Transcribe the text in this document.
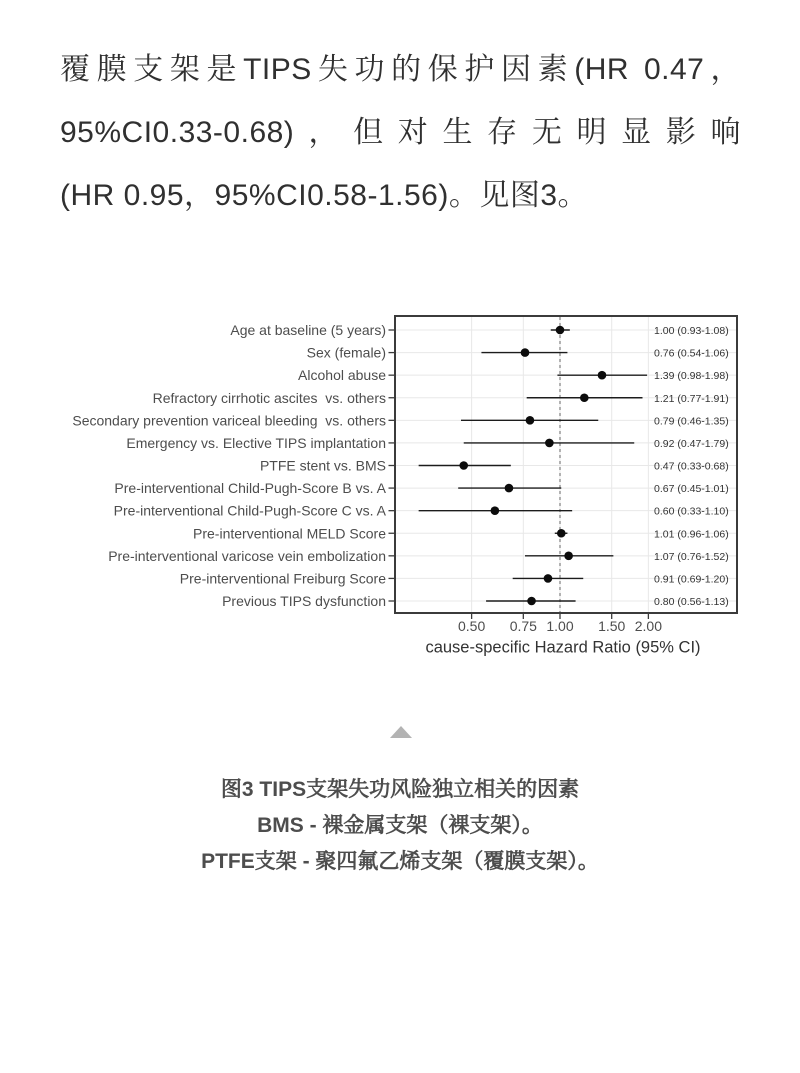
覆膜支架是TIPS失功的保护因素(HR 0.47，
95%CI0.33-0.68)，但对生存无明显影响
(HR 0.95，95%CI0.58-1.56)。见图3。
Age at baseline (5 years)
Sex (female)
Alcohol abuse
Refractory cirrhotic ascites  vs. others
Secondary prevention variceal bleeding  vs. others
Emergency vs. Elective TIPS implantation
PTFE stent vs. BMS
Pre-interventional Child-Pugh-Score B vs. A
Pre-interventional Child-Pugh-Score C vs. A
Pre-interventional MELD Score
Pre-interventional varicose vein embolization
Pre-interventional Freiburg Score
Previous TIPS dysfunction
1.00 (0.93-1.08)
0.76 (0.54-1.06)
1.39 (0.98-1.98)
1.21 (0.77-1.91)
0.79 (0.46-1.35)
0.92 (0.47-1.79)
0.47 (0.33-0.68)
0.67 (0.45-1.01)
0.60 (0.33-1.10)
1.01 (0.96-1.06)
1.07 (0.76-1.52)
0.91 (0.69-1.20)
0.80 (0.56-1.13)
0.50 0.75 1.00 1.50 2.00
cause-specific Hazard Ratio (95% CI)
图3 TIPS支架失功风险独立相关的因素
BMS - 裸金属支架（裸支架）。
PTFE支架 - 聚四氟乙烯支架（覆膜支架）。
